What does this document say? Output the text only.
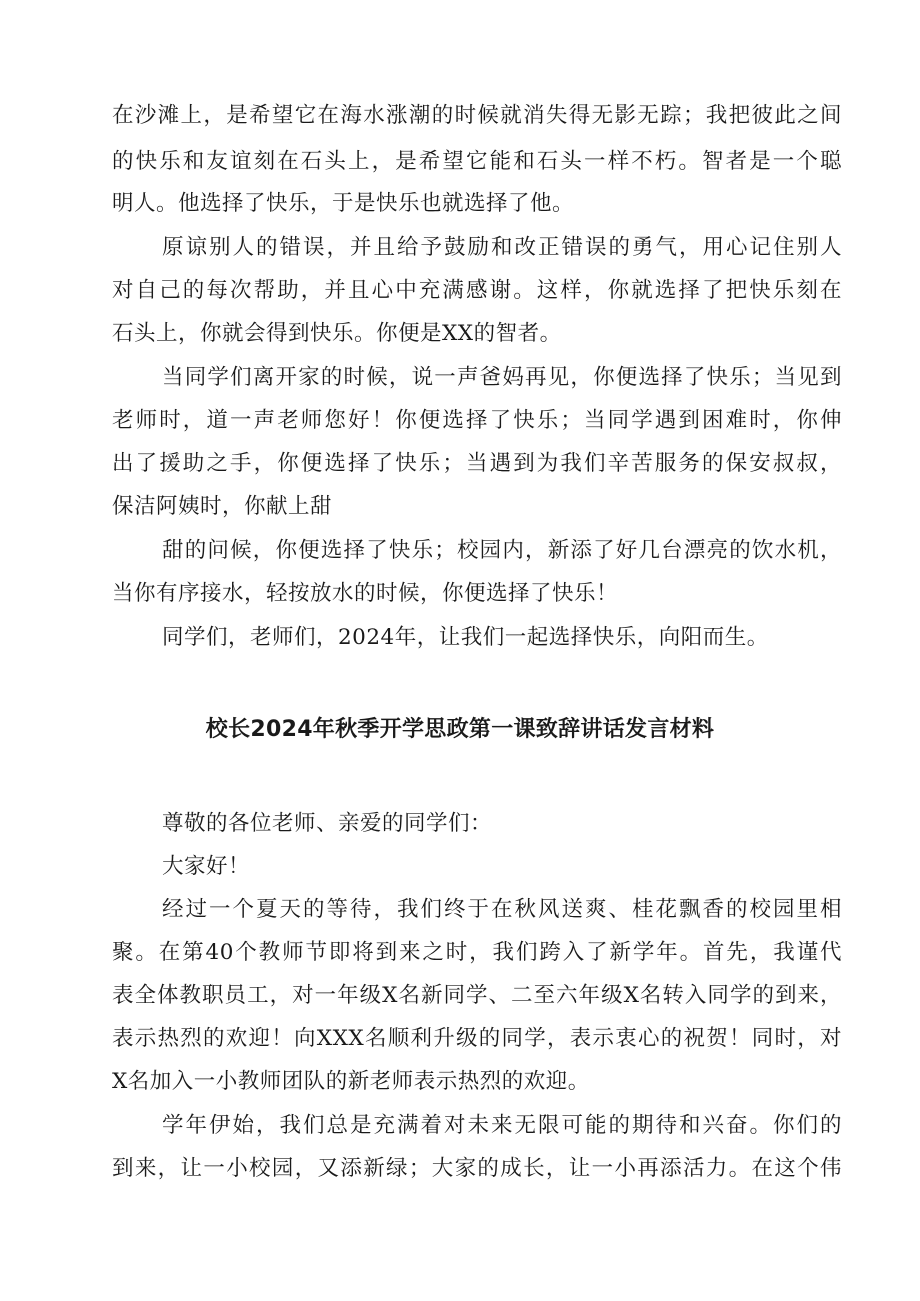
在沙滩上，是希望它在海水涨潮的时候就消失得无影无踪；我把彼此之间
的快乐和友谊刻在石头上，是希望它能和石头一样不朽。智者是一个聪
明人。他选择了快乐，于是快乐也就选择了他。
原谅别人的错误，并且给予鼓励和改正错误的勇气，用心记住别人
对自己的每次帮助，并且心中充满感谢。这样，你就选择了把快乐刻在
石头上，你就会得到快乐。你便是XX的智者。
当同学们离开家的时候，说一声爸妈再见，你便选择了快乐；当见到
老师时，道一声老师您好！你便选择了快乐；当同学遇到困难时，你伸
出了援助之手，你便选择了快乐；当遇到为我们辛苦服务的保安叔叔，
保洁阿姨时，你献上甜
甜的问候，你便选择了快乐；校园内，新添了好几台漂亮的饮水机，
当你有序接水，轻按放水的时候，你便选择了快乐！
同学们，老师们，2024年，让我们一起选择快乐，向阳而生。
校长2024年秋季开学思政第一课致辞讲话发言材料
尊敬的各位老师、亲爱的同学们：
大家好！
经过一个夏天的等待，我们终于在秋风送爽、桂花飘香的校园里相
聚。在第40个教师节即将到来之时，我们跨入了新学年。首先，我谨代
表全体教职员工，对一年级X名新同学、二至六年级X名转入同学的到来，
表示热烈的欢迎！向XXX名顺利升级的同学，表示衷心的祝贺！同时，对
X名加入一小教师团队的新老师表示热烈的欢迎。
学年伊始，我们总是充满着对未来无限可能的期待和兴奋。你们的
到来，让一小校园，又添新绿；大家的成长，让一小再添活力。在这个伟
